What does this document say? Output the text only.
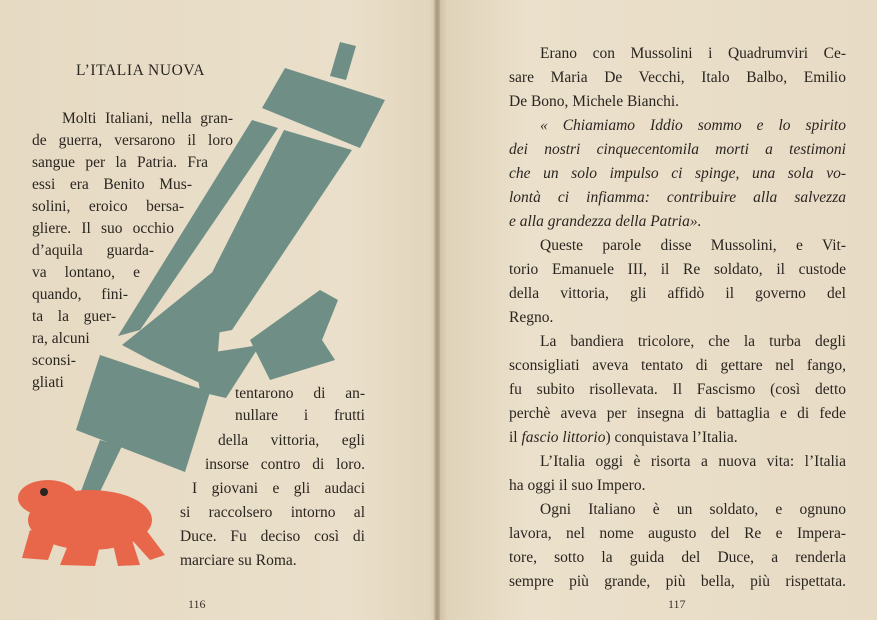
L’ITALIA NUOVA
Molti Italiani, nella gran-
de guerra, versarono il loro
sangue per la Patria. Fra
essi era Benito Mus-
solini, eroico bersa-
gliere. Il suo occhio
d’aquila guarda-
va lontano, e
quando, fini-
ta la guer-
ra, alcuni
sconsi-
gliati
tentarono di an-
nullare i frutti
della vittoria, egli
insorse contro di loro.
I giovani e gli audaci
si raccolsero intorno al
Duce. Fu deciso così di
marciare su Roma.
116
Erano con Mussolini i Quadrumviri Ce-
sare Maria De Vecchi, Italo Balbo, Emilio
De Bono, Michele Bianchi.
« Chiamiamo Iddio sommo e lo spirito
dei nostri cinquecentomila morti a testimoni
che un solo impulso ci spinge, una sola vo-
lontà ci infiamma: contribuire alla salvezza
e alla grandezza della Patria».
Queste parole disse Mussolini, e Vit-
torio Emanuele III, il Re soldato, il custode
della vittoria, gli affidò il governo del
Regno.
La bandiera tricolore, che la turba degli
sconsigliati aveva tentato di gettare nel fango,
fu subito risollevata. Il Fascismo (così detto
perchè aveva per insegna di battaglia e di fede
il fascio littorio) conquistava l’Italia.
L’Italia oggi è risorta a nuova vita: l’Italia
ha oggi il suo Impero.
Ogni Italiano è un soldato, e ognuno
lavora, nel nome augusto del Re e Impera-
tore, sotto la guida del Duce, a renderla
sempre più grande, più bella, più rispettata.
117
